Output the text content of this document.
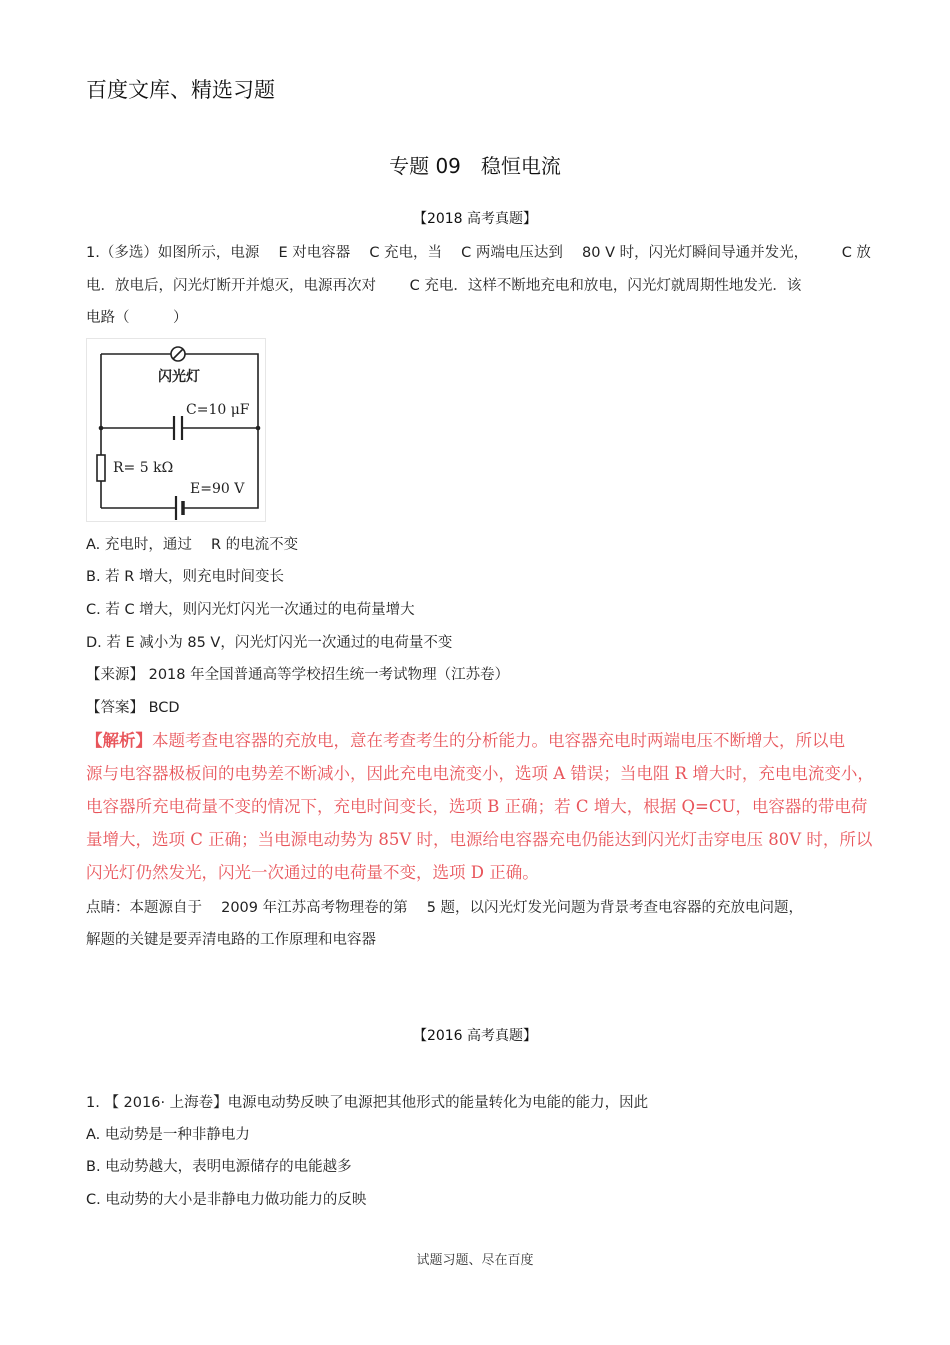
百度文库、精选习题
专题 09　稳恒电流
【2018 高考真题】
1.（多选）如图所示，电源 　E 对电容器 　C 充电，当 　C 两端电压达到 　80 V 时，闪光灯瞬间导通并发光， 　　C 放
电．放电后，闪光灯断开并熄灭，电源再次对 　　C 充电．这样不断地充电和放电，闪光灯就周期性地发光．该
电路（　　　）
闪光灯
C=10 μF
R= 5 kΩ
E=90 V
A. 充电时，通过 　R 的电流不变
B. 若 R 增大，则充电时间变长
C. 若 C 增大，则闪光灯闪光一次通过的电荷量增大
D. 若 E 减小为 85 V，闪光灯闪光一次通过的电荷量不变
【来源】 2018 年全国普通高等学校招生统一考试物理（江苏卷）
【答案】 BCD
【解析】本题考查电容器的充放电，意在考查考生的分析能力。电容器充电时两端电压不断增大，所以电
源与电容器极板间的电势差不断减小，因此充电电流变小，选项 A 错误；当电阻 R 增大时，充电电流变小，
电容器所充电荷量不变的情况下，充电时间变长，选项 B 正确；若 C 增大，根据 Q=CU，电容器的带电荷
量增大，选项 C 正确；当电源电动势为 85V 时，电源给电容器充电仍能达到闪光灯击穿电压 80V 时，所以
闪光灯仍然发光，闪光一次通过的电荷量不变，选项 D 正确。
点睛：本题源自于 　2009 年江苏高考物理卷的第 　5 题，以闪光灯发光问题为背景考查电容器的充放电问题，
解题的关键是要弄清电路的工作原理和电容器
【2016 高考真题】
1. 【 2016· 上海卷】电源电动势反映了电源把其他形式的能量转化为电能的能力，因此
A. 电动势是一种非静电力
B. 电动势越大，表明电源储存的电能越多
C. 电动势的大小是非静电力做功能力的反映
试题习题、尽在百度
